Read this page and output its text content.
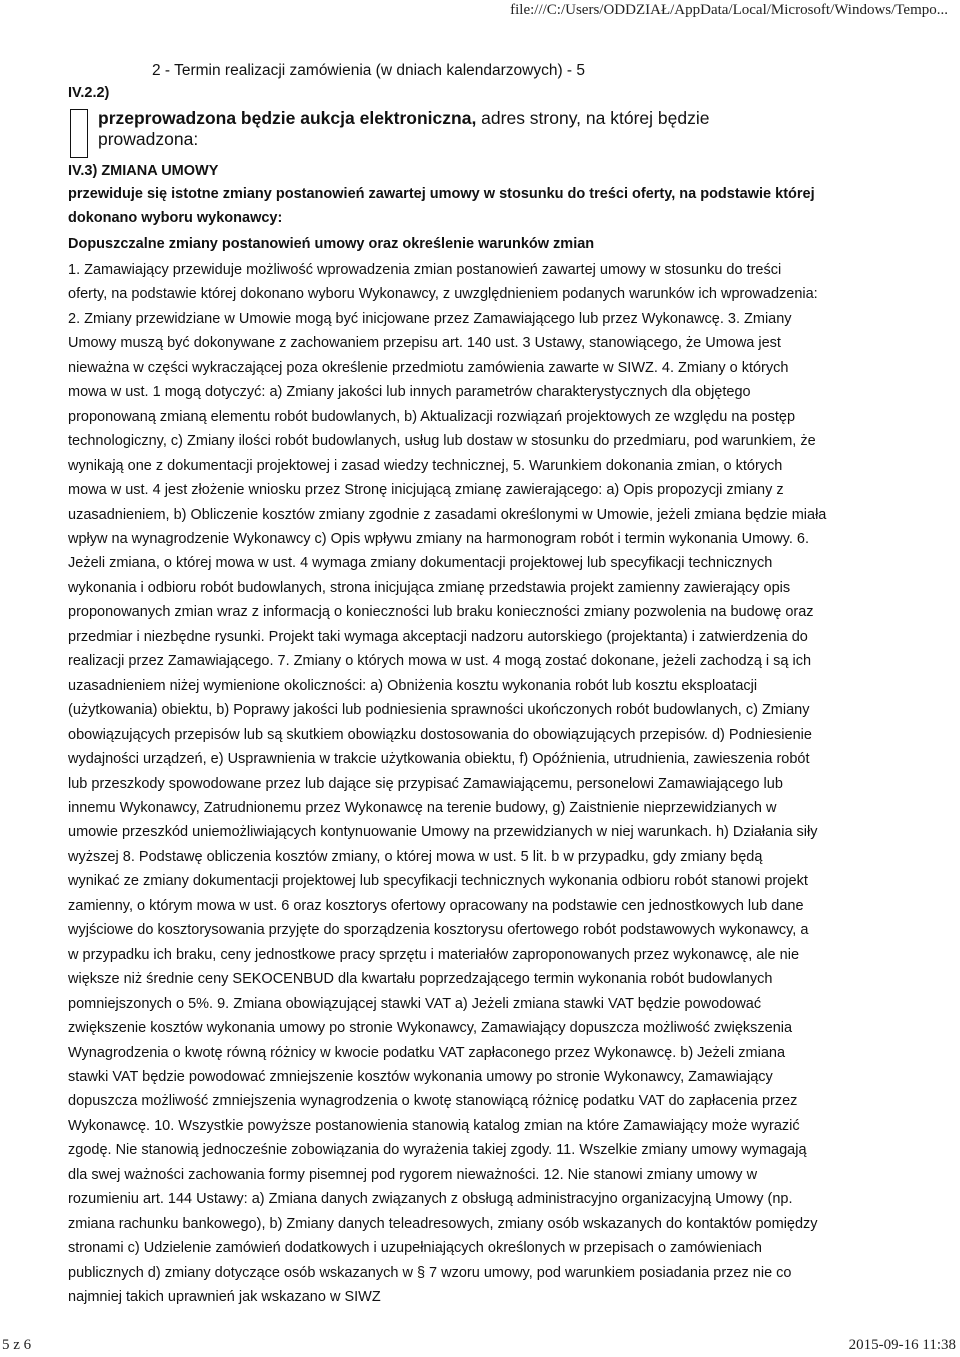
file:///C:/Users/ODDZIAŁ/AppData/Local/Microsoft/Windows/Tempo...
2 - Termin realizacji zamówienia (w dniach kalendarzowych) - 5
IV.2.2)
przeprowadzona będzie aukcja elektroniczna, adres strony, na której będzie
prowadzona:
IV.3) ZMIANA UMOWY
przewiduje się istotne zmiany postanowień zawartej umowy w stosunku do treści oferty, na podstawie której
dokonano wyboru wykonawcy:
Dopuszczalne zmiany postanowień umowy oraz określenie warunków zmian
1. Zamawiający przewiduje możliwość wprowadzenia zmian postanowień zawartej umowy w stosunku do treści
oferty, na podstawie której dokonano wyboru Wykonawcy, z uwzględnieniem podanych warunków ich wprowadzenia:
2. Zmiany przewidziane w Umowie mogą być inicjowane przez Zamawiającego lub przez Wykonawcę. 3. Zmiany
Umowy muszą być dokonywane z zachowaniem przepisu art. 140 ust. 3 Ustawy, stanowiącego, że Umowa jest
nieważna w części wykraczającej poza określenie przedmiotu zamówienia zawarte w SIWZ. 4. Zmiany o których
mowa w ust. 1 mogą dotyczyć: a) Zmiany jakości lub innych parametrów charakterystycznych dla objętego
proponowaną zmianą elementu robót budowlanych, b) Aktualizacji rozwiązań projektowych ze względu na postęp
technologiczny, c) Zmiany ilości robót budowlanych, usług lub dostaw w stosunku do przedmiaru, pod warunkiem, że
wynikają one z dokumentacji projektowej i zasad wiedzy technicznej, 5. Warunkiem dokonania zmian, o których
mowa w ust. 4 jest złożenie wniosku przez Stronę inicjującą zmianę zawierającego: a) Opis propozycji zmiany z
uzasadnieniem, b) Obliczenie kosztów zmiany zgodnie z zasadami określonymi w Umowie, jeżeli zmiana będzie miała
wpływ na wynagrodzenie Wykonawcy c) Opis wpływu zmiany na harmonogram robót i termin wykonania Umowy. 6.
Jeżeli zmiana, o której mowa w ust. 4 wymaga zmiany dokumentacji projektowej lub specyfikacji technicznych
wykonania i odbioru robót budowlanych, strona inicjująca zmianę przedstawia projekt zamienny zawierający opis
proponowanych zmian wraz z informacją o konieczności lub braku konieczności zmiany pozwolenia na budowę oraz
przedmiar i niezbędne rysunki. Projekt taki wymaga akceptacji nadzoru autorskiego (projektanta) i zatwierdzenia do
realizacji przez Zamawiającego. 7. Zmiany o których mowa w ust. 4 mogą zostać dokonane, jeżeli zachodzą i są ich
uzasadnieniem niżej wymienione okoliczności: a) Obniżenia kosztu wykonania robót lub kosztu eksploatacji
(użytkowania) obiektu, b) Poprawy jakości lub podniesienia sprawności ukończonych robót budowlanych, c) Zmiany
obowiązujących przepisów lub są skutkiem obowiązku dostosowania do obowiązujących przepisów. d) Podniesienie
wydajności urządzeń, e) Usprawnienia w trakcie użytkowania obiektu, f) Opóźnienia, utrudnienia, zawieszenia robót
lub przeszkody spowodowane przez lub dające się przypisać Zamawiającemu, personelowi Zamawiającego lub
innemu Wykonawcy, Zatrudnionemu przez Wykonawcę na terenie budowy, g) Zaistnienie nieprzewidzianych w
umowie przeszkód uniemożliwiających kontynuowanie Umowy na przewidzianych w niej warunkach. h) Działania siły
wyższej 8. Podstawę obliczenia kosztów zmiany, o której mowa w ust. 5 lit. b w przypadku, gdy zmiany będą
wynikać ze zmiany dokumentacji projektowej lub specyfikacji technicznych wykonania odbioru robót stanowi projekt
zamienny, o którym mowa w ust. 6 oraz kosztorys ofertowy opracowany na podstawie cen jednostkowych lub dane
wyjściowe do kosztorysowania przyjęte do sporządzenia kosztorysu ofertowego robót podstawowych wykonawcy, a
w przypadku ich braku, ceny jednostkowe pracy sprzętu i materiałów zaproponowanych przez wykonawcę, ale nie
większe niż średnie ceny SEKOCENBUD dla kwartału poprzedzającego termin wykonania robót budowlanych
pomniejszonych o 5%. 9. Zmiana obowiązującej stawki VAT a) Jeżeli zmiana stawki VAT będzie powodować
zwiększenie kosztów wykonania umowy po stronie Wykonawcy, Zamawiający dopuszcza możliwość zwiększenia
Wynagrodzenia o kwotę równą różnicy w kwocie podatku VAT zapłaconego przez Wykonawcę. b) Jeżeli zmiana
stawki VAT będzie powodować zmniejszenie kosztów wykonania umowy po stronie Wykonawcy, Zamawiający
dopuszcza możliwość zmniejszenia wynagrodzenia o kwotę stanowiącą różnicę podatku VAT do zapłacenia przez
Wykonawcę. 10. Wszystkie powyższe postanowienia stanowią katalog zmian na które Zamawiający może wyrazić
zgodę. Nie stanowią jednocześnie zobowiązania do wyrażenia takiej zgody. 11. Wszelkie zmiany umowy wymagają
dla swej ważności zachowania formy pisemnej pod rygorem nieważności. 12. Nie stanowi zmiany umowy w
rozumieniu art. 144 Ustawy: a) Zmiana danych związanych z obsługą administracyjno organizacyjną Umowy (np.
zmiana rachunku bankowego), b) Zmiany danych teleadresowych, zmiany osób wskazanych do kontaktów pomiędzy
stronami c) Udzielenie zamówień dodatkowych i uzupełniających określonych w przepisach o zamówieniach
publicznych d) zmiany dotyczące osób wskazanych w § 7 wzoru umowy, pod warunkiem posiadania przez nie co
najmniej takich uprawnień jak wskazano w SIWZ
5 z 6	2015-09-16 11:38
